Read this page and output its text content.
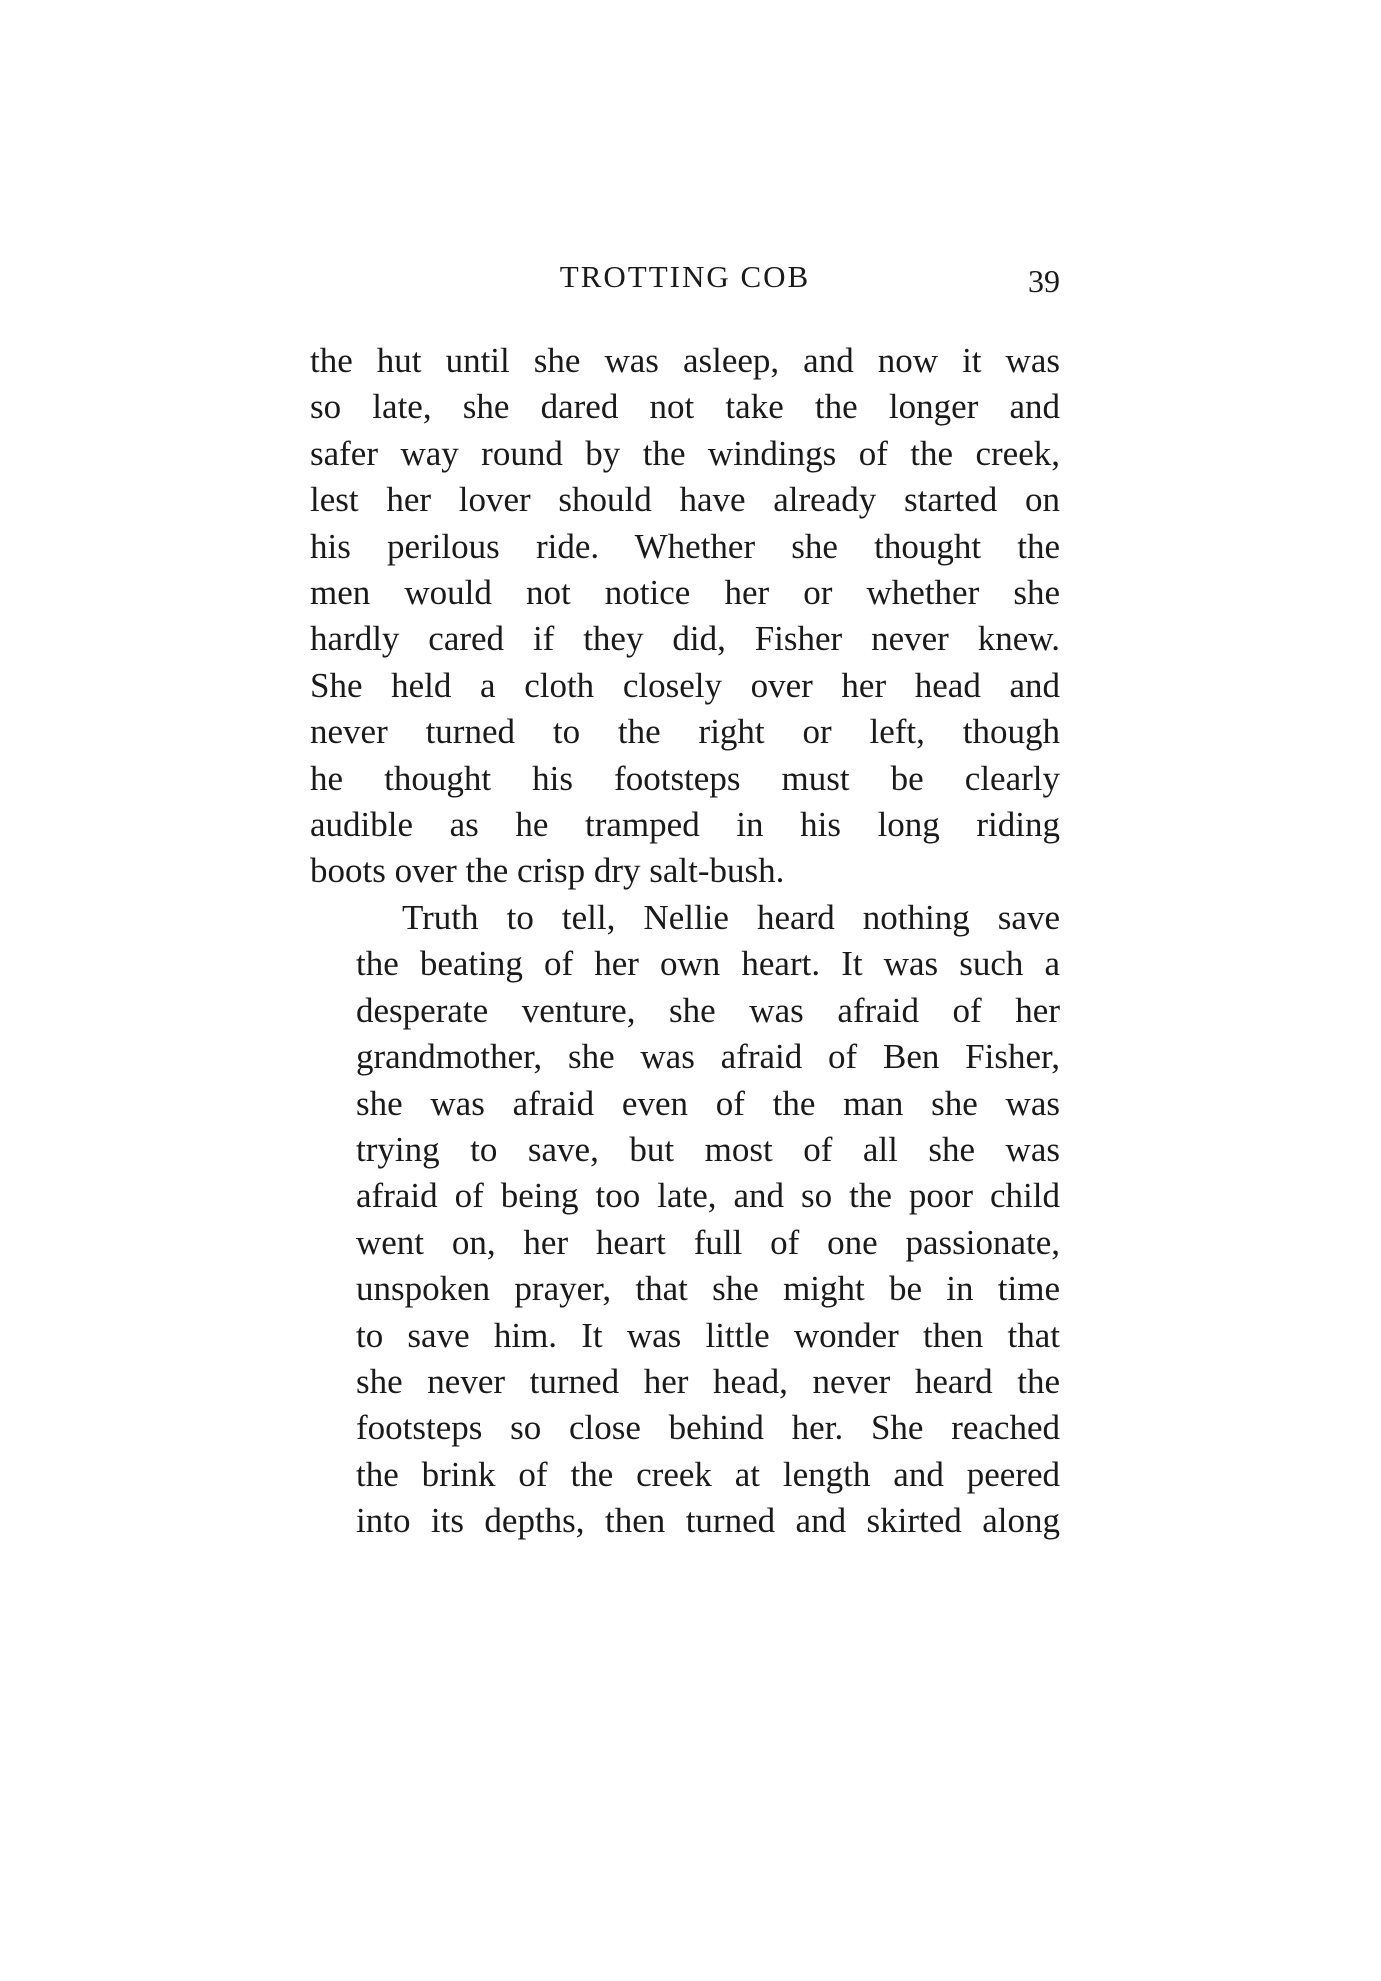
TROTTING COB	39
the hut until she was asleep, and now it was
so late, she dared not take the longer and
safer way round by the windings of the creek,
lest her lover should have already started on
his perilous ride. Whether she thought the
men would not notice her or whether she
hardly cared if they did, Fisher never knew.
She held a cloth closely over her head and
never turned to the right or left, though
he thought his footsteps must be clearly
audible as he tramped in his long riding
boots over the crisp dry salt-bush.
Truth to tell, Nellie heard nothing save
the beating of her own heart. It was such a
desperate venture, she was afraid of her
grandmother, she was afraid of Ben Fisher,
she was afraid even of the man she was
trying to save, but most of all she was
afraid of being too late, and so the poor child
went on, her heart full of one passionate,
unspoken prayer, that she might be in time
to save him. It was little wonder then that
she never turned her head, never heard the
footsteps so close behind her. She reached
the brink of the creek at length and peered
into its depths, then turned and skirted along
